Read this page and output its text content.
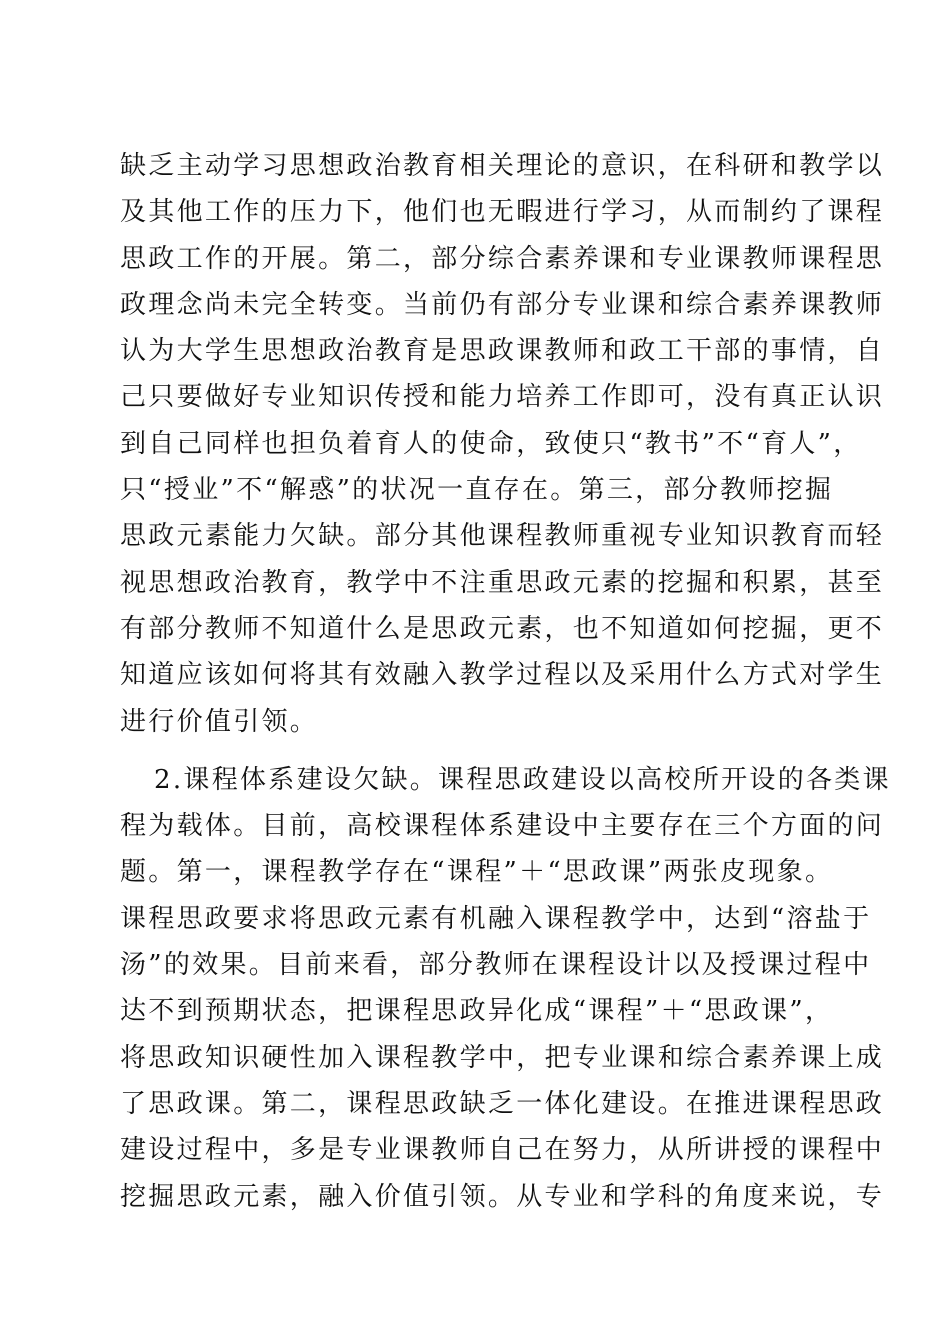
缺乏主动学习思想政治教育相关理论的意识，在科研和教学以
及其他工作的压力下，他们也无暇进行学习，从而制约了课程
思政工作的开展。第二，部分综合素养课和专业课教师课程思
政理念尚未完全转变。当前仍有部分专业课和综合素养课教师
认为大学生思想政治教育是思政课教师和政工干部的事情，自
己只要做好专业知识传授和能力培养工作即可，没有真正认识
到自己同样也担负着育人的使命，致使只“教书”不“育人”，
只“授业”不“解惑”的状况一直存在。第三，部分教师挖掘
思政元素能力欠缺。部分其他课程教师重视专业知识教育而轻
视思想政治教育，教学中不注重思政元素的挖掘和积累，甚至
有部分教师不知道什么是思政元素，也不知道如何挖掘，更不
知道应该如何将其有效融入教学过程以及采用什么方式对学生
进行价值引领。
2.课程体系建设欠缺。课程思政建设以高校所开设的各类课
程为载体。目前，高校课程体系建设中主要存在三个方面的问
题。第一，课程教学存在“课程”＋“思政课”两张皮现象。
课程思政要求将思政元素有机融入课程教学中，达到“溶盐于
汤”的效果。目前来看，部分教师在课程设计以及授课过程中
达不到预期状态，把课程思政异化成“课程”＋“思政课”，
将思政知识硬性加入课程教学中，把专业课和综合素养课上成
了思政课。第二，课程思政缺乏一体化建设。在推进课程思政
建设过程中，多是专业课教师自己在努力，从所讲授的课程中
挖掘思政元素，融入价值引领。从专业和学科的角度来说，专
